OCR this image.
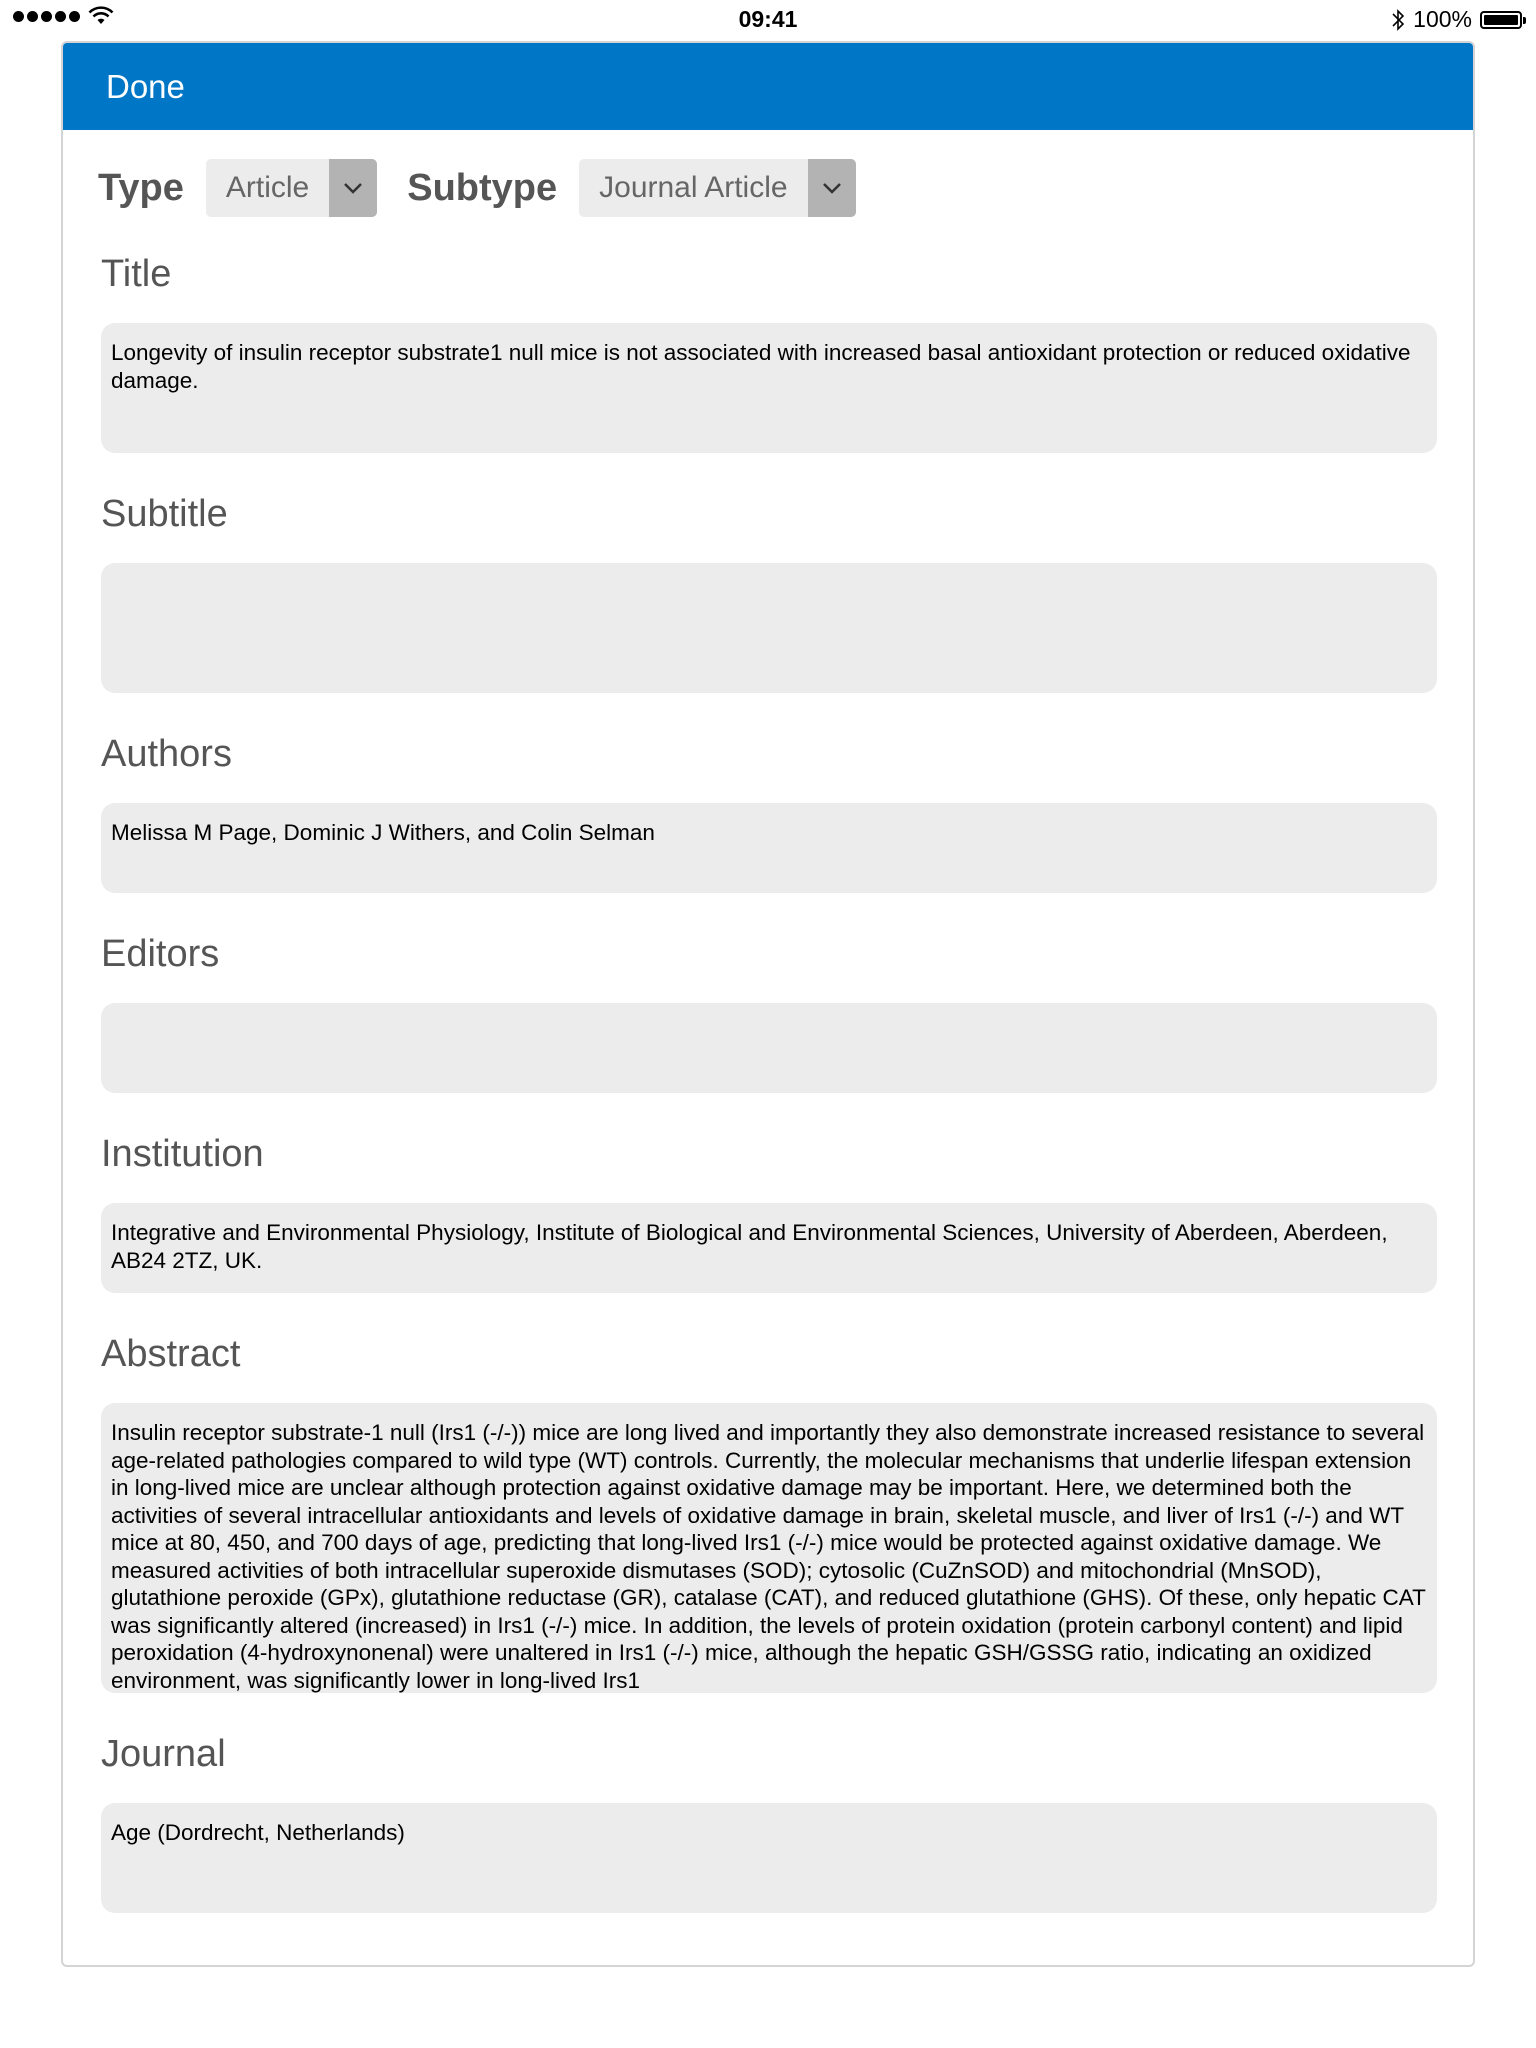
09:41	100%
Done
Type	Article	Subtype	Journal Article
Title
Longevity of insulin receptor substrate1 null mice is not associated with increased basal antioxidant protection or reduced oxidative damage.
Subtitle
Authors
Melissa M Page, Dominic J Withers, and Colin Selman
Editors
Institution
Integrative and Environmental Physiology, Institute of Biological and Environmental Sciences, University of Aberdeen, Aberdeen, AB24 2TZ, UK.
Abstract
Insulin receptor substrate-1 null (Irs1 (-/-)) mice are long lived and importantly they also demonstrate increased resistance to several age-related pathologies compared to wild type (WT) controls. Currently, the molecular mechanisms that underlie lifespan extension in long-lived mice are unclear although protection against oxidative damage may be important. Here, we determined both the activities of several intracellular antioxidants and levels of oxidative damage in brain, skeletal muscle, and liver of Irs1 (-/-) and WT mice at 80, 450, and 700 days of age, predicting that long-lived Irs1 (-/-) mice would be protected against oxidative damage. We measured activities of both intracellular superoxide dismutases (SOD); cytosolic (CuZnSOD) and mitochondrial (MnSOD), glutathione peroxide (GPx), glutathione reductase (GR), catalase (CAT), and reduced glutathione (GHS). Of these, only hepatic CAT was significantly altered (increased) in Irs1 (-/-) mice. In addition, the levels of protein oxidation (protein carbonyl content) and lipid peroxidation (4-hydroxynonenal) were unaltered in Irs1 (-/-) mice, although the hepatic GSH/GSSG ratio, indicating an oxidized environment, was significantly lower in long-lived Irs1
Journal
Age (Dordrecht, Netherlands)
